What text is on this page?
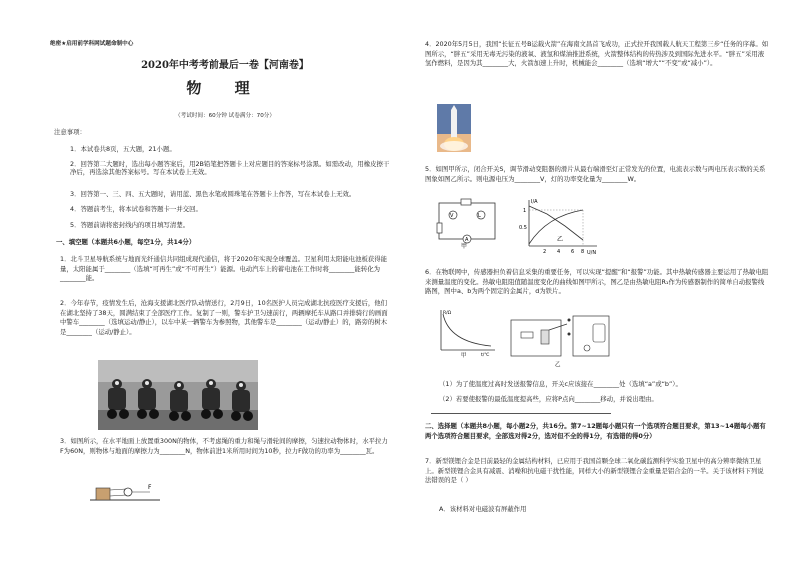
绝密★启用前学科网试题命制中心
2020年中考考前最后一卷【河南卷】
物 理
（考试时间：60分钟 试卷满分：70分）
注意事项：
1．本试卷共8页，五大题，21小题。
2．回答第二大题时，选出每小题答案后，用2B铅笔把答题卡上对应题目的答案标号涂黑。如需改动，用橡皮擦干净后，再选涂其他答案标号。写在本试卷上无效。
3．回答第一、三、四、五大题时，请用蓝、黑色水笔或圆珠笔在答题卡上作答，写在本试卷上无效。
4．答题前考生，将本试卷和答题卡一并交回。
5．答题前请将密封线内的项目填写清楚。
一、填空题（本题共6小题，每空1分，共14分）
1．北斗卫星导航系统与地面光纤通信共同组成现代通信，将于2020年实现全球覆盖。卫星利用太阳能电池板获得能量，太阳能属于________（选填“可再生”或“不可再生”）能源。电动汽车上的蓄电池在工作时将________能转化为________能。
2．今年春节，疫情发生后，沧海支援湖北医疗队动情送行，2月9日，10名医护人员完成湖北抗疫医疗支援后，他们在湖北坚持了38天，圆满结束了全部医疗工作。复制了一则，警车护卫匀速前行，两辆摩托车从路口并排骑行的画面中警车________（选填运动/静止），以车中某一辆警车为参照物，其他警车是________（运动/静止）的，路旁的树木是________（运动/静止）。
3．如图所示，在水平地面上放置重300N的物体，不考虑绳的重力和绳与滑轮间的摩擦，匀速拉动物体时，水平拉力F为60N，则物体与地面的摩擦力为________N，物体前进1米所用时间为10秒，拉力F做功的功率为________瓦。
F
4．2020年5月5日，我国“长征五号B运载火箭”在海南文昌首飞成功，正式拉开我国载人航天工程第三步“任务的序幕。如图所示，“胖五”采用无毒无污染的液氧、液氢和煤油推进系统，火箭整体结构的传热涉及到国际先进水平。“胖五”采用液氢作燃料，是因为其________大，火箭加速上升时，机械能会________（选填“增大”“不变”或“减小”）。
5．如图甲所示，闭合开关S，调节滑动变阻器的滑片从最右端滑至灯正常发光的位置，电流表示数与两电压表示数的关系图象如图乙所示。则电源电压为________V，灯的功率变化量为________W。
V	L
A
甲
I/A
U/N
1
0.5
2 4 6 8
乙
6．在物联网中，传感器担负着信息采集的重要任务，可以实现“提醒”和“报警”功能。其中热敏传感器主要运用了热敏电阻来测量温度的变化。热敏电阻阻值随温度变化的曲线如图甲所示，图乙是由热敏电阻R₁作为传感器制作的简单自动报警线路图，图中a、b为两个固定的金属片，d为铁片。
R/Ω
t/℃
甲
乙
（1）为了使温度过高时发送报警信息，开关c应该接在________处（选填“a”或“b”）。
（2）若要使报警的最低温度提高些，应将P点向________移动，并说出理由。
二、选择题（本题共8小题，每小题2分，共16分。第7~12题每小题只有一个选项符合题目要求，第13~14题每小题有两个选项符合题目要求，全部选对得2分，选对但不全的得1分，有选错的得0分）
7．新型镁锂合金是目前最轻的金属结构材料，已应用于我国首颗全球二氧化碳监测科学实验卫星中的高分辨率微纳卫星上。新型镁锂合金具有减震、消噪和抗电磁干扰性能，同样大小的新型镁锂合金重量是铝合金的一半。关于该材料下列说法错误的是（ ）
A．该材料对电磁波有屏蔽作用
